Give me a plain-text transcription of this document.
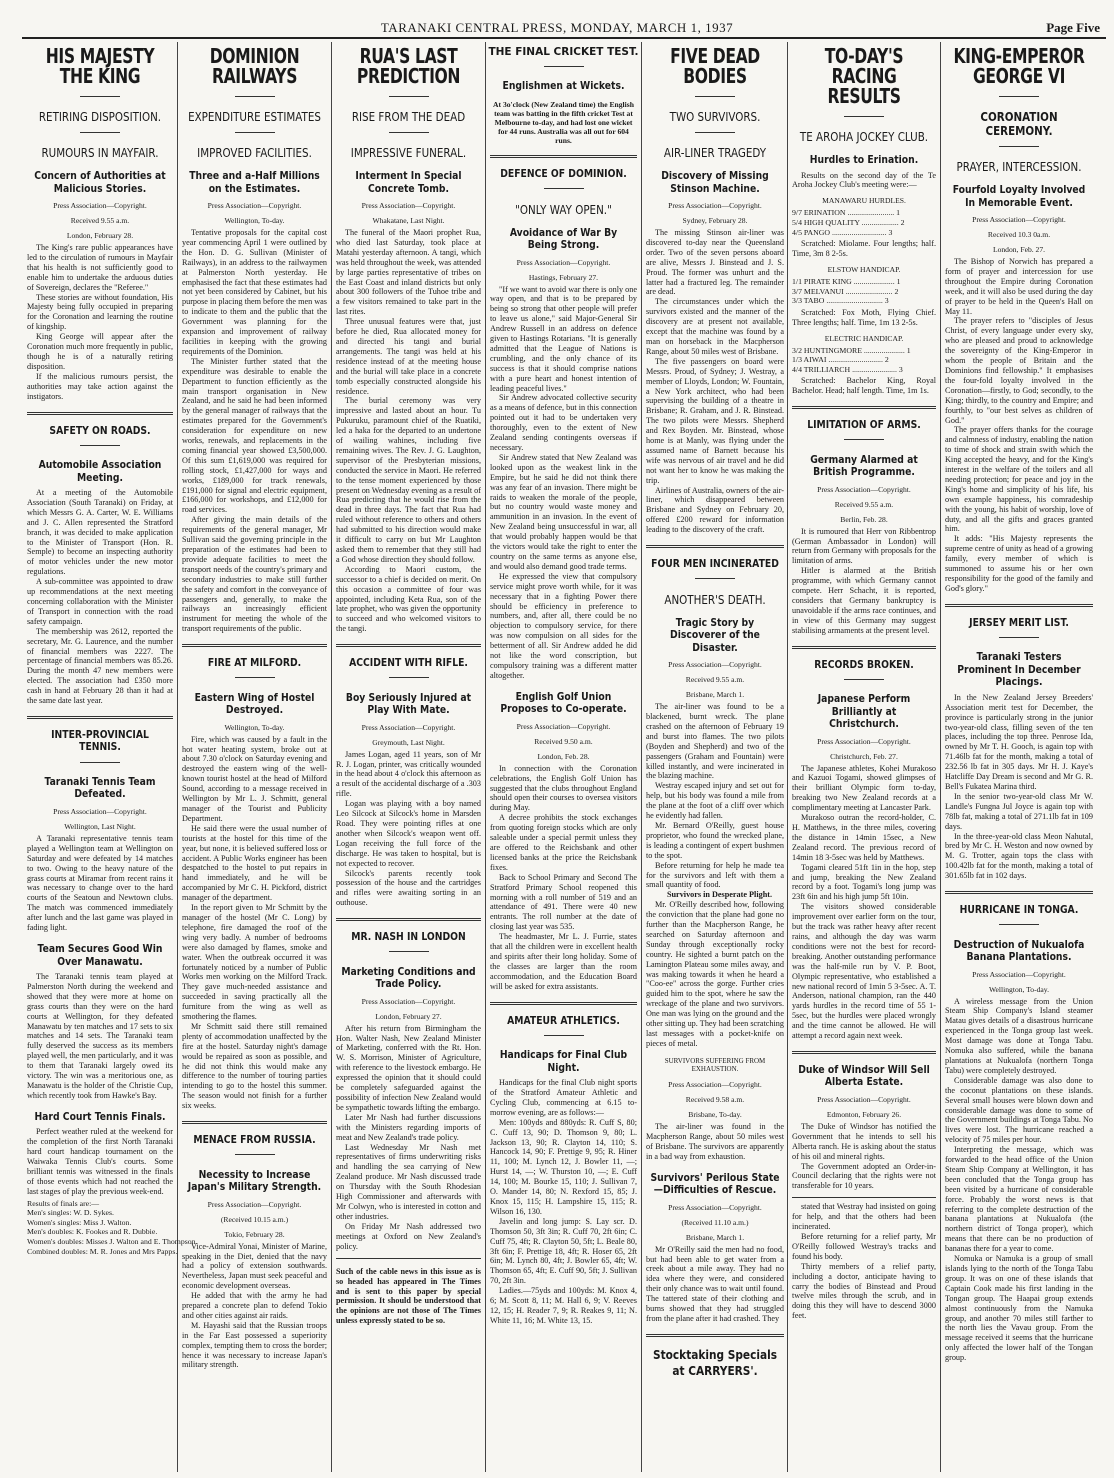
TARANAKI CENTRAL PRESS, MONDAY, MARCH 1, 1937	Page Five
HIS MAJESTY THE KING
RETIRING DISPOSITION.
RUMOURS IN MAYFAIR.
Concern of Authorities at Malicious Stories.
Press Association—Copyright.
Received 9.55 a.m.
London, February 28.

The King's rare public appearances have led to the circulation of rumours in Mayfair that his health is not sufficiently good to enable him to undertake the arduous duties of Sovereign, declares the "Referee."

These stories are without foundation, His Majesty being fully occupied in preparing for the Coronation and learning the routine of kingship.

King George will appear after the Coronation much more frequently in public, though he is of a naturally retiring disposition.

If the malicious rumours persist, the authorities may take action against the instigators.

SAFETY ON ROADS.
Automobile Association Meeting.

At a meeting of the Automobile Association (South Taranaki) on Friday, at which Messrs G. A. Carter, W. E. Williams and J. C. Allen represented the Stratford branch, it was decided to make application to the Minister of Transport (Hon. R. Semple) to become an inspecting authority of motor vehicles under the new motor regulations.

A sub-committee was appointed to draw up recommendations at the next meeting concerning collaboration with the Minister of Transport in connection with the road safety campaign.

The membership was 2612, reported the secretary, Mr. G. Laurence, and the number of financial members was 2227. The percentage of financial members was 85.26. During the month 47 new members were elected. The association had £350 more cash in hand at February 28 than it had at the same date last year.

INTER-PROVINCIAL TENNIS.
Taranaki Tennis Team Defeated.
Press Association—Copyright.
Wellington, Last Night.

A Taranaki representative tennis team played a Wellington team at Wellington on Saturday and were defeated by 14 matches to two. Owing to the heavy nature of the grass courts at Miramar from recent rains it was necessary to change over to the hard courts of the Seatoun and Newtown clubs. The match was commenced immediately after lunch and the last game was played in fading light.

Team Secures Good Win Over Manawatu.

The Taranaki tennis team played at Palmerston North during the weekend and showed that they were more at home on grass courts than they were on the hard courts at Wellington, for they defeated Manawatu by ten matches and 17 sets to six matches and 14 sets. The Taranaki team fully deserved the success as its members played well, the men particularly, and it was to them that Taranaki largely owed its victory. The win was a meritorious one, as Manawatu is the holder of the Christie Cup, which recently took from Hawke's Bay.

Hard Court Tennis Finals.

Perfect weather ruled at the weekend for the completion of the first North Taranaki hard court handicap tournament on the Waiwaka Tennis Club's courts. Some brilliant tennis was witnessed in the finals of those events which had not reached the last stages of play the previous week-end.

Results of finals are:—
Men's singles: W. D. Sykes.
Women's singles: Miss J. Walton.
Men's doubles: K. Fookes and R. Dubbie.
Women's doubles: Misses J. Walton and E. Thompson.
Combined doubles: M. R. Jones and Mrs Papps.
DOMINION RAILWAYS
EXPENDITURE ESTIMATES
IMPROVED FACILITIES.
Three and a-Half Millions on the Estimates.
Press Association—Copyright.
Wellington, To-day.

Tentative proposals for the capital cost year commencing April 1 were outlined by the Hon. D. G. Sullivan (Minister of Railways), in an address to the railwaymen at Palmerston North yesterday. He emphasised the fact that these estimates had not yet been considered by Cabinet, but his purpose in placing them before the men was to indicate to them and the public that the Government was planning for the expansion and improvement of railway facilities in keeping with the growing requirements of the Dominion.

The Minister further stated that the expenditure was desirable to enable the Department to function efficiently as the main transport organisation in New Zealand, and he said he had been informed by the general manager of railways that the estimates prepared for the Government's consideration for expenditure on new works, renewals, and replacements in the coming financial year showed £3,500,000. Of this sum £1,619,000 was required for rolling stock, £1,427,000 for ways and works, £189,000 for track renewals, £191,000 for signal and electric equipment, £166,000 for workshops, and £12,000 for road services.

After giving the main details of the requirements of the general manager, Mr Sullivan said the governing principle in the preparation of the estimates had been to provide adequate facilities to meet the transport needs of the country's primary and secondary industries to make still further the safety and comfort in the conveyance of passengers and, generally, to make the railways an increasingly efficient instrument for meeting the whole of the transport requirements of the public.

FIRE AT MILFORD.
Eastern Wing of Hostel Destroyed.
Wellington, To-day.

Fire, which was caused by a fault in the hot water heating system, broke out at about 7.30 o'clock on Saturday evening and destroyed the eastern wing of the well-known tourist hostel at the head of Milford Sound, according to a message received in Wellington by Mr L. J. Schmitt, general manager of the Tourist and Publicity Department.

He said there were the usual number of tourists at the hostel for this time of the year, but none, it is believed suffered loss or accident. A Public Works engineer has been despatched to the hostel to put repairs in hand immediately, and he will be accompanied by Mr C. H. Pickford, district manager of the department.

In the report given to Mr Schmitt by the manager of the hostel (Mr C. Long) by telephone, fire damaged the roof of the wing very badly. A number of bedrooms were also damaged by flames, smoke and water. When the outbreak occurred it was fortunately noticed by a number of Public Works men working on the Milford Track. They gave much-needed assistance and succeeded in saving practically all the furniture from the wing as well as smothering the flames.

Mr Schmitt said there still remained plenty of accommodation unaffected by the fire at the hostel. Saturday night's damage would be repaired as soon as possible, and he did not think this would make any difference to the number of touring parties intending to go to the hostel this summer. The season would not finish for a further six weeks.

MENACE FROM RUSSIA.
Necessity to Increase Japan's Military Strength.
Press Association—Copyright.
(Received 10.15 a.m.)
Tokio, February 28.

Vice-Admiral Yonai, Minister of Marine, speaking in the Diet, denied that the navy had a policy of extension southwards. Nevertheless, Japan must seek peaceful and economic development overseas.

He added that with the army he had prepared a concrete plan to defend Tokio and other cities against air raids.

M. Hayashi said that the Russian troops in the Far East possessed a superiority complex, tempting them to cross the border; hence it was necessary to increase Japan's military strength.

RUA'S LAST PREDICTION
RISE FROM THE DEAD
IMPRESSIVE FUNERAL.
Interment In Special Concrete Tomb.
Press Association—Copyright.
Whakatane, Last Night.

The funeral of the Maori prophet Rua, who died last Saturday, took place at Matahi yesterday afternoon. A tangi, which was held throughout the week, was attended by large parties representative of tribes on the East Coast and inland districts but only about 300 followers of the Tuhoe tribe and a few visitors remained to take part in the last rites.

Three unusual features were that, just before he died, Rua allocated money for and directed his tangi and burial arrangements. The tangi was held at his residence instead of at the meeting house and the burial will take place in a concrete tomb especially constructed alongside his residence.

The burial ceremony was very impressive and lasted about an hour. Tu Pukuruku, paramount chief of the Ruatiki, led a haka for the departed to an undertone of wailing wahines, including five remaining wives. The Rev. J. G. Laughton, supervisor of the Presbyterian missions, conducted the service in Maori. He referred to the tense moment experienced by those present on Wednesday evening as a result of Rua predicting that he would rise from the dead in three days. The fact that Rua had ruled without reference to others and others had submitted to his direction would make it difficult to carry on but Mr Laughton asked them to remember that they still had a God whose direction they should follow.

According to Maori custom, the successor to a chief is decided on merit. On this occasion a committee of four was appointed, including Keta Rua, son of the late prophet, who was given the opportunity to succeed and who welcomed visitors to the tangi.

ACCIDENT WITH RIFLE.
Boy Seriously Injured at Play With Mate.
Press Association—Copyright.
Greymouth, Last Night.

James Logan, aged 11 years, son of Mr R. J. Logan, printer, was critically wounded in the head about 4 o'clock this afternoon as a result of the accidental discharge of a .303 rifle.

Logan was playing with a boy named Leo Silcock at Silcock's home in Marsden Road. They were pointing rifles at one another when Silcock's weapon went off. Logan receiving the full force of the discharge. He was taken to hospital, but is not expected to recover.

Silcock's parents recently took possession of the house and the cartridges and rifles were awaiting sorting in an outhouse.

MR. NASH IN LONDON
Marketing Conditions and Trade Policy.
Press Association—Copyright.
London, February 27.

After his return from Birmingham the Hon. Walter Nash, New Zealand Minister of Marketing, conferred with the Rt. Hon. W. S. Morrison, Minister of Agriculture, with reference to the livestock embargo. He expressed the opinion that it should could be completely safeguarded against the possibility of infection New Zealand would be sympathetic towards lifting the embargo.

Later Mr Nash had further discussions with the Ministers regarding imports of meat and New Zealand's trade policy.

Last Wednesday Mr Nash met representatives of firms underwriting risks and handling the sea carrying of New Zealand produce. Mr Nash discussed trade on Thursday with the South Rhodesian High Commissioner and afterwards with Mr Colwyn, who is interested in cotton and other industries.

On Friday Mr Nash addressed two meetings at Oxford on New Zealand's policy.

Such of the cable news in this issue as is so headed has appeared in The Times and is sent to this paper by special permission. It should be understood that the opinions are not those of The Times unless expressly stated to be so.

THE FINAL CRICKET TEST.
Englishmen at Wickets.

At 3o'clock (New Zealand time) the English team was batting in the fifth cricket Test at Melbourne to-day, and had lost one wicket for 44 runs. Australia was all out for 604 runs.

DEFENCE OF DOMINION.
"ONLY WAY OPEN."
Avoidance of War By Being Strong.
Press Association—Copyright.
Hastings, February 27.

"If we want to avoid war there is only one way open, and that is to be prepared by being so strong that other people will prefer to leave us alone," said Major-General Sir Andrew Russell in an address on defence given to Hastings Rotarians. "It is generally admitted that the League of Nations is crumbling, and the only chance of its success is that it should comprise nations with a pure heart and honest intention of leading peaceful lives."

Sir Andrew advocated collective security as a means of defence, but in this connection pointed out it had to be undertaken very thoroughly, even to the extent of New Zealand sending contingents overseas if necessary.

Sir Andrew stated that New Zealand was looked upon as the weakest link in the Empire, but he said he did not think there was any fear of an invasion. There might be raids to weaken the morale of the people, but no country would waste money and ammunition in an invasion. In the event of New Zealand being unsuccessful in war, all that would probably happen would be that the victors would take the right to enter the country on the same terms as anyone else, and would also demand good trade terms.

He expressed the view that compulsory service might prove worth while, for it was necessary that in a fighting Power there should be efficiency in preference to numbers, and, after all, there could be no objection to compulsory service, for there was now compulsion on all sides for the betterment of all. Sir Andrew added he did not like the word conscription, but compulsory training was a different matter altogether.

English Golf Union Proposes to Co-operate.
Press Association—Copyright.
Received 9.50 a.m.
London, Feb. 28.

In connection with the Coronation celebrations, the English Golf Union has suggested that the clubs throughout England should open their courses to oversea visitors during May.

A decree prohibits the stock exchanges from quoting foreign stocks which are only saleable under a special permit unless they are offered to the Reichsbank and other licensed banks at the price the Reichsbank fixes.

Back to School Primary and Second The Stratford Primary School reopened this morning with a roll number of 519 and an attendance of 491. There were 40 new entrants. The roll number at the date of closing last year was 535.

The headmaster, Mr L. J. Furrie, states that all the children were in excellent health and spirits after their long holiday. Some of the classes are larger than the room accommodation, and the Education Board will be asked for extra assistants.

AMATEUR ATHLETICS.
Handicaps for Final Club Night.

Handicaps for the final Club night sports of the Stratford Amateur Athletic and Cycling Club, commencing at 6.15 to-morrow evening, are as follows:—

Men: 100yds and 880yds: R. Cuff S, 80; C. Cuff 13, 90; D. Thomson 9, 80; L. Jackson 13, 90; R. Clayton 14, 110; S. Hancock 14, 90; F. Prettige 9, 95; R. Hiner 11, 100; M. Lynch 12, J. Bowler 11, —; Hurst 14, —; W. Thurston 10, —; E. Cuff 14, 100; M. Bourke 15, 110; J. Sullivan 7, O. Mander 14, 80; N. Rexford 15, 85; J. Knox 15, 115; H. Lampshire 15, 115; R. Wilson 16, 130.

Javelin and long jump: S. Lay scr. D. Thomson 50, 3ft 3in; R. Cuff 70, 2ft 6in; C. Cuff 75, 4ft; R. Clayton 50, 5ft; L. Beale 80, 3ft 6in; F. Prettige 18, 4ft; R. Hoser 65, 2ft 6in; M. Lynch 80, 4ft; J. Bowler 65, 4ft; W. Thomson 65, 4ft; E. Cuff 90, 5ft; J. Sullivan 70, 2ft 3in.

Ladies.—75yds and 100yds: M. Knox 4, 6; M. Scott 8, 11; M. Hall 6, 9; V. Reeves 12, 15; H. Reader 7, 9; R. Reakes 9, 11; N. White 11, 16; M. White 13, 15.

FIVE DEAD BODIES
TWO SURVIVORS.
AIR-LINER TRAGEDY
Discovery of Missing Stinson Machine.
Press Association—Copyright.
Sydney, February 28.

The missing Stinson air-liner was discovered to-day near the Queensland order. Two of the seven persons aboard are alive, Messrs J. Binstead and J. S. Proud. The former was unhurt and the latter had a fractured leg. The remainder are dead.

The circumstances under which the survivors existed and the manner of the discovery are at present not available, except that the machine was found by a man on horseback in the Macpherson Range, about 50 miles west of Brisbane.

The five passengers on board were Messrs. Proud, of Sydney; J. Westray, a member of Lloyds, London; W. Fountain, a New York architect, who had been supervising the building of a theatre in Brisbane; R. Graham, and J. R. Binstead. The two pilots were Messrs. Shepherd and Rex Boyden. Mr. Binstead, whose home is at Manly, was flying under the assumed name of Barnett because his wife was nervous of air travel and he did not want her to know he was making the trip.

Airlines of Australia, owners of the air-liner, which disappeared between Brisbane and Sydney on February 20, offered £200 reward for information leading to the discovery of the craft.

FOUR MEN INCINERATED
ANOTHER'S DEATH.
Tragic Story by Discoverer of the Disaster.
Press Association—Copyright.
Received 9.55 a.m.
Brisbane, March 1.

The air-liner was found to be a blackened, burnt wreck. The plane crashed on the afternoon of February 19 and burst into flames. The two pilots (Boyden and Shepherd) and two of the passengers (Graham and Fountain) were killed instantly, and were incinerated in the blazing machine.

Westray escaped injury and set out for help, but his body was found a mile from the plane at the foot of a cliff over which he evidently had fallen.

Mr. Bernard O'Reilly, guest house proprietor, who found the wrecked plane, is leading a contingent of expert bushmen to the spot.

Before returning for help he made tea for the survivors and left with them a small quantity of food.

Survivors in Desperate Plight.

Mr. O'Reilly described how, following the conviction that the plane had gone no further than the Macpherson Range, he searched on Saturday afternoon and Sunday through exceptionally rocky country. He sighted a burnt patch on the Lamington Plateau some miles away, and was making towards it when he heard a "Coo-ee" across the gorge. Further cries guided him to the spot, where he saw the wreckage of the plane and two survivors. One man was lying on the ground and the other sitting up. They had been scratching last messages with a pocket-knife on pieces of metal.

SURVIVORS SUFFERING FROM EXHAUSTION.
Press Association—Copyright.
Received 9.58 a.m.
Brisbane, To-day.

The air-liner was found in the Macpherson Range, about 50 miles west of Brisbane. The survivors are apparently in a bad way from exhaustion.

Survivors' Perilous State—Difficulties of Rescue.
Press Association—Copyright.
(Received 11.10 a.m.)
Brisbane, March 1.

Mr O'Reilly said the men had no food, but had been able to get water from a creek about a mile away. They had no idea where they were, and considered their only chance was to wait until found. The tattered state of their clothing and burns showed that they had struggled from the plane after it had crashed. They

Stocktaking Specials at CARRYERS'.
TO-DAY'S RACING RESULTS
TE AROHA JOCKEY CLUB.
Hurdles to Erination.

Results on the second day of the Te Aroha Jockey Club's meeting were:—

MANAWARU HURDLES.
9/7 ERINATION ........................ 1
5/4 HIGH QUALITY ................... 2
4/5 PANGO ............................ 3

Scratched: Miolame. Four lengths; half. Time, 3m 8 2-5s.

ELSTOW HANDICAP.
1/1 PIRATE KING ..................... 1
3/7 MELVANUI ........................ 2
3/3 TABO ............................. 3

Scratched: Fox Moth, Flying Chief. Three lengths; half. Time, 1m 13 2-5s.

ELECTRIC HANDICAP.
3/2 HUNTINGMORE ..................... 1
1/3 AIWAI ............................ 2
4/4 TRILLIARCH ....................... 3

Scratched: Bachelor King, Royal Bachelor. Head; half length. Time, 1m 1s.

LIMITATION OF ARMS.
Germany Alarmed at British Programme.
Press Association—Copyright.
Received 9.55 a.m.
Berlin, Feb. 28.

It is rumoured that Herr von Ribbentrop (German Ambassador in London) will return from Germany with proposals for the limitation of arms.

Hitler is alarmed at the British programme, with which Germany cannot compete. Herr Schacht, it is reported, considers that Germany bankruptcy is unavoidable if the arms race continues, and in view of this Germany may suggest stabilising armaments at the present level.

RECORDS BROKEN.
Japanese Perform Brilliantly at Christchurch.
Press Association—Copyright.
Christchurch, Feb. 27.

The Japanese athletes, Kohei Murakoso and Kazuoi Togami, showed glimpses of their brilliant Olympic form to-day, breaking two New Zealand records at a complimentary meeting at Lancaster Park.

Murakoso outran the record-holder, C. H. Matthews, in the three miles, covering the distance in 14min 15sec, a New Zealand record. The previous record of 14min 18 3-5sec was held by Matthews.

Togami cleared 51ft 1in in the hop, step and jump, breaking the New Zealand record by a foot. Togami's long jump was 23ft 6in and his high jump 5ft 10in.

The visitors showed considerable improvement over earlier form on the tour, but the track was rather heavy after recent rains, and although the day was warm conditions were not the best for record-breaking. Another outstanding performance was the half-mile run by V. P. Boot, Olympic representative, who established a new national record of 1min 5 3-5sec. A. T. Anderson, national champion, ran the 440 yards hurdles in the record time of 55 1-5sec, but the hurdles were placed wrongly and the time cannot be allowed. He will attempt a record again next week.

Duke of Windsor Will Sell Alberta Estate.
Press Association—Copyright.
Edmonton, February 26.

The Duke of Windsor has notified the Government that he intends to sell his Alberta ranch. He is asking about the status of his oil and mineral rights.

The Government adopted an Order-in-Council declaring that the rights were not transferable for 10 years.

stated that Westray had insisted on going for help, and that the others had been incinerated.

Before returning for a relief party, Mr O'Reilly followed Westray's tracks and found his body.

Thirty members of a relief party, including a doctor, anticipate having to carry the bodies of Binstead and Proud twelve miles through the scrub, and in doing this they will have to descend 3000 feet.

KING-EMPEROR GEORGE VI
CORONATION CEREMONY.
PRAYER, INTERCESSION.
Fourfold Loyalty Involved In Memorable Event.
Press Association—Copyright.
Received 10.3 0a.m.
London, Feb. 27.

The Bishop of Norwich has prepared a form of prayer and intercession for use throughout the Empire during Coronation week, and it will also be used during the day of prayer to be held in the Queen's Hall on May 11.

The prayer refers to "disciples of Jesus Christ, of every language under every sky, who are pleased and proud to acknowledge the sovereignty of the King-Emperor in whom the people of Britain and the Dominions find fellowship." It emphasises the four-fold loyalty involved in the Coronation—firstly, to God; secondly, to the King; thirdly, to the country and Empire; and fourthly, to "our best selves as children of God."

The prayer offers thanks for the courage and calmness of industry, enabling the nation to time of shock and strain swith which the King accepted the heavy, and for the King's interest in the welfare of the toilers and all needing protection; for peace and joy in the King's home and simplicity of his life, his own example happiness, his comradeship with the young, his habit of worship, love of duty, and all the gifts and graces granted him.

It adds: "His Majesty represents the supreme centre of unity as head of a growing family, every member of which is summoned to assume his or her own responsibility for the good of the family and God's glory."

JERSEY MERIT LIST.
Taranaki Testers Prominent In December Placings.

In the New Zealand Jersey Breeders' Association merit test for December, the province is particularly strong in the junior two-year-old class, filling seven of the ten places, including the top three. Penrose Ida, owned by Mr T. H. Gooch, is again top with 71.46lb fat for the month, making a total of 232.56 lb fat in 305 days. Mr H. J. Kaye's Hatcliffe Day Dream is second and Mr G. R. Bell's Fukatea Marina third.

In the senior two-year-old class Mr W. Landle's Fungna Jul Joyce is again top with 78lb fat, making a total of 271.1lb fat in 109 days.

In the three-year-old class Meon Nahutal, bred by Mr C. H. Weston and now owned by M. G. Trotter, again tops the class with 100.42lb fat for the month, making a total of 301.65lb fat in 102 days.

HURRICANE IN TONGA.
Destruction of Nukualofa Banana Plantations.
Press Association—Copyright.
Wellington, To-day.

A wireless message from the Union Steam Ship Company's Island steamer Matau gives details of a disastrous hurricane experienced in the Tonga group last week. Most damage was done at Tonga Tabu. Nomuka also suffered, while the banana plantations at Nukualofa (northern Tonga Tabu) were completely destroyed.

Considerable damage was also done to the coconut plantations on these islands. Several small houses were blown down and considerable damage was done to some of the Government buildings at Tonga Tabu. No lives were lost. The hurricane reached a velocity of 75 miles per hour.

Interpreting the message, which was forwarded to the head office of the Union Steam Ship Company at Wellington, it has been concluded that the Tonga group has been visited by a hurricane of considerable force. Probably the worst news is that referring to the complete destruction of the banana plantations at Nukualofa (the northern district of Tonga proper), which means that there can be no production of bananas there for a year to come.

Nomuka or Namuka is a group of small islands lying to the north of the Tonga Tabu group. It was on one of these islands that Captain Cook made his first landing in the Tongan group. The Haapai group extends almost continuously from the Namuka group, and another 70 miles still farther to the north lies the Vavau group. From the message received it seems that the hurricane only affected the lower half of the Tongan group.
